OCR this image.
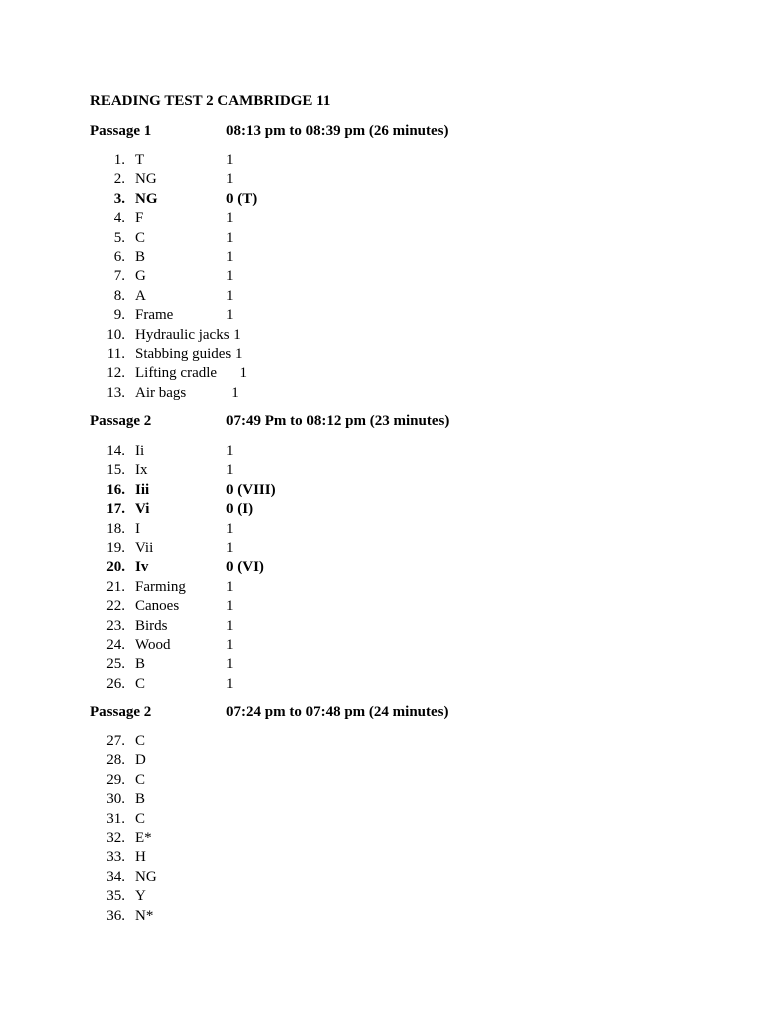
READING TEST 2 CAMBRIDGE 11
Passage 1	08:13 pm to 08:39 pm (26 minutes)
1. T	1
2. NG	1
3. NG	0 (T)
4. F	1
5. C	1
6. B	1
7. G	1
8. A	1
9. Frame	1
10. Hydraulic jacks 1
11. Stabbing guides 1
12. Lifting cradle      1
13. Air bags            1
Passage 2	07:49 Pm to 08:12 pm (23 minutes)
14. Ii	1
15. Ix	1
16. Iii	0 (VIII)
17. Vi	0 (I)
18. I	1
19. Vii	1
20. Iv	0 (VI)
21. Farming	1
22. Canoes	1
23. Birds	1
24. Wood	1
25. B	1
26. C	1
Passage 2	07:24 pm to 07:48 pm (24 minutes)
27. C
28. D
29. C
30. B
31. C
32. E*
33. H
34. NG
35. Y
36. N*
